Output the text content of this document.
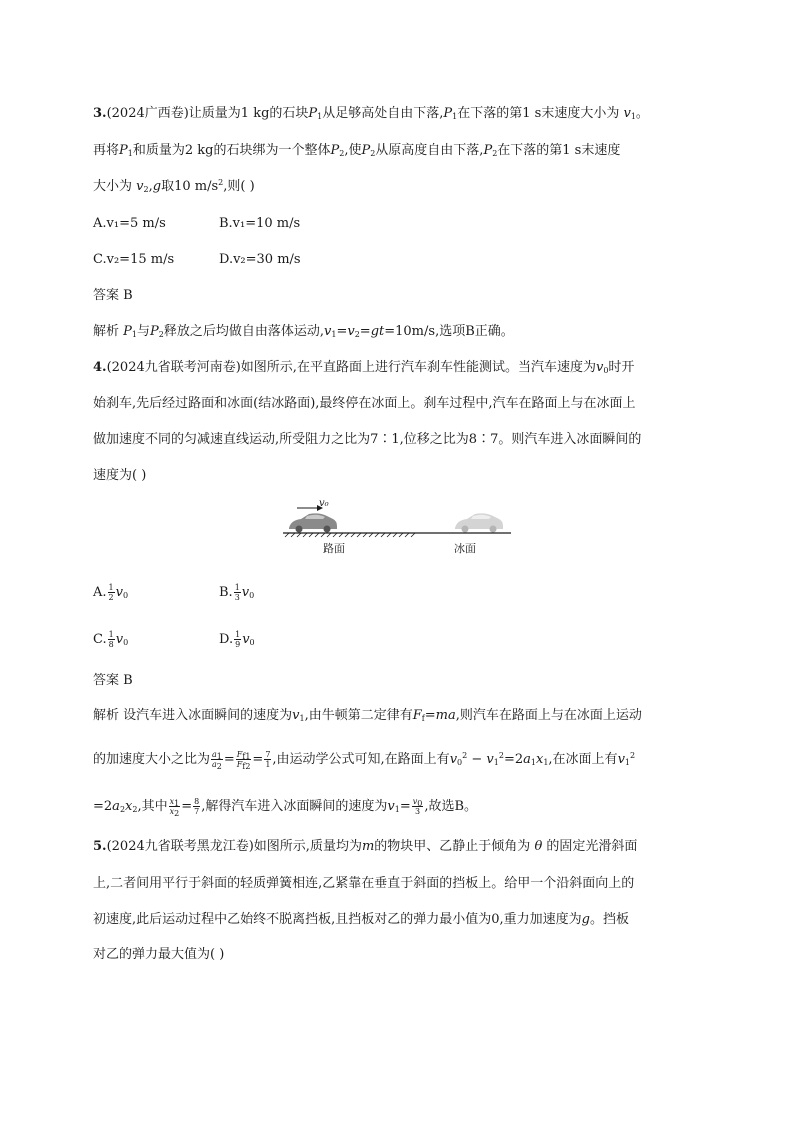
3.(2024广西卷)让质量为1 kg的石块$P_1$从足够高处自由下落$,P_1$在下落的第1 s末速度大小为 $v_1$。
再将$P_1$和质量为2 kg的石块绑为一个整体$P_2$,使$P_2$从原高度自由下落$,P_2$在下落的第1 s末速度
大小为 $v_2,g$取10 $m/s^2$,则( )
A.v₁=5 m/s	B.v₁=10 m/s
C.v₂=15 m/s	D.v₂=30 m/s
答案 B
解析 $P_1$与$P_2$释放之后均做自由落体运动$,v_1=v_2=gt=10m/s$,选项B正确。
4.(2024九省联考河南卷)如图所示,在平直路面上进行汽车刹车性能测试。当汽车速度为$v_0$时开
始刹车,先后经过路面和冰面(结冰路面),最终停在冰面上。刹车过程中,汽车在路面上与在冰面上
做加速度不同的匀减速直线运动,所受阻力之比为7∶1,位移之比为8∶7。则汽车进入冰面瞬间的
速度为( )
v₀
路面	冰面
A. $\frac{1}{2} v_0$	B. $\frac{1}{3} v_0$
C. $\frac{1}{8} v_0$	D. $\frac{1}{9} v_0$
答案 B
解析 设汽车进入冰面瞬间的速度为$v_1$,由牛顿第二定律有$F_f=ma$,则汽车在路面上与在冰面上运动
的加速度大小之比为 $\frac{a_1}{a_2} = \frac{F_{f1}}{F_{f2}} = \frac{7}{1}$ ,由运动学公式可知,在路面上有$v_0^2 - v_1^2=2a_1x_1$,在冰面上有$v_1^2$
$=2a_2x_2$,其中 $\frac{x_1}{x_2} = \frac{8}{7}$ ,解得汽车进入冰面瞬间的速度为$v_1= \frac{v_0}{3}$ ,故选B。
5.(2024九省联考黑龙江卷)如图所示,质量均为m的物块甲、乙静止于倾角为 θ 的固定光滑斜面
上,二者间用平行于斜面的轻质弹簧相连,乙紧靠在垂直于斜面的挡板上。给甲一个沿斜面向上的
初速度,此后运动过程中乙始终不脱离挡板,且挡板对乙的弹力最小值为0,重力加速度为g。挡板
对乙的弹力最大值为( )
